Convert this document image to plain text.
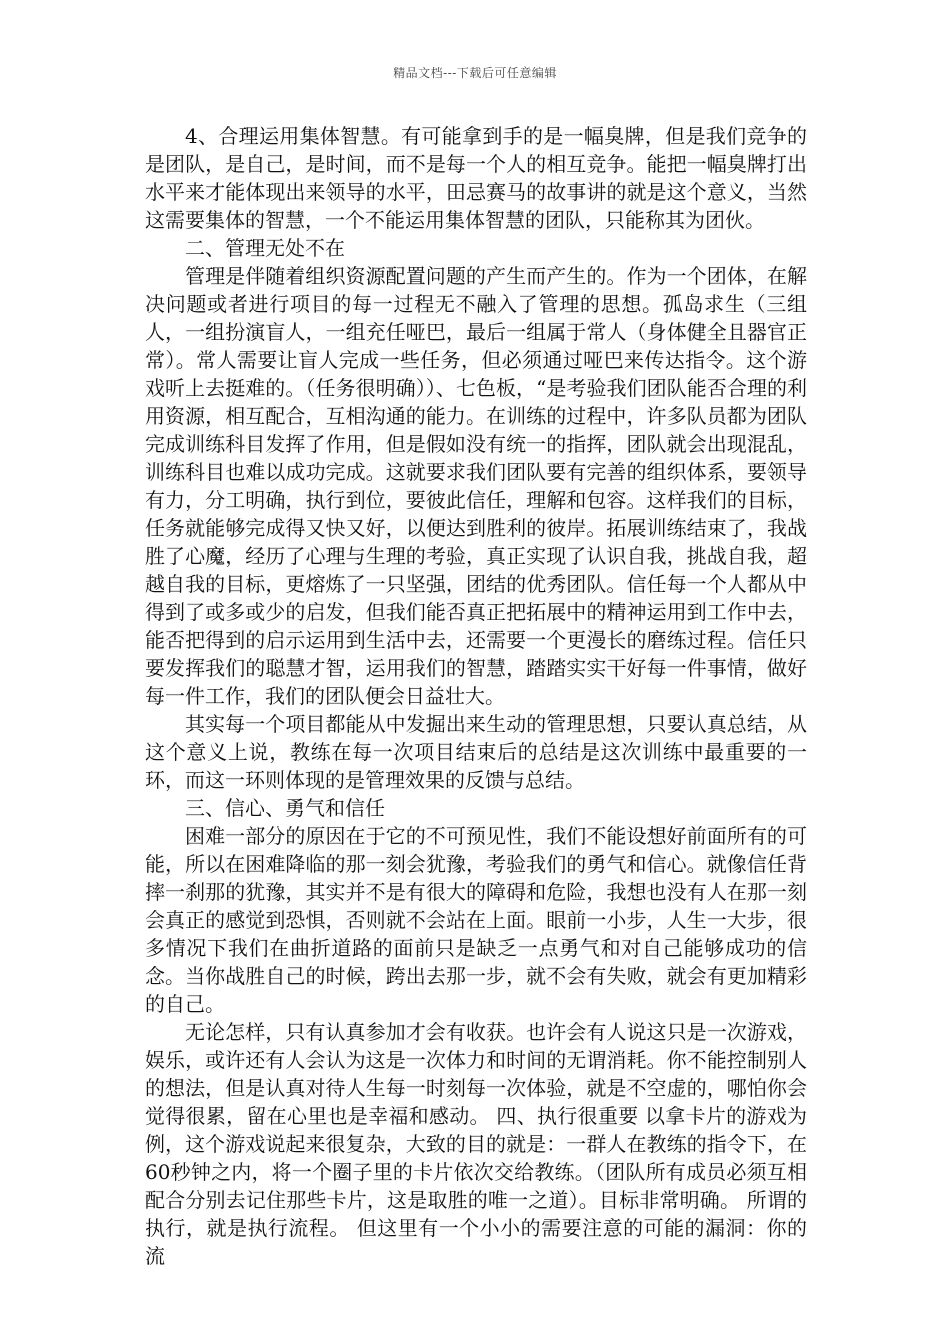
精品文档---下载后可任意编辑

4、合理运用集体智慧。有可能拿到手的是一幅臭牌，但是我们竞争的是团队，是自己，是时间，而不是每一个人的相互竞争。能把一幅臭牌打出水平来才能体现出来领导的水平，田忌赛马的故事讲的就是这个意义，当然这需要集体的智慧，一个不能运用集体智慧的团队，只能称其为团伙。

二、管理无处不在

管理是伴随着组织资源配置问题的产生而产生的。作为一个团体，在解决问题或者进行项目的每一过程无不融入了管理的思想。孤岛求生（三组人，一组扮演盲人，一组充任哑巴，最后一组属于常人（身体健全且器官正常）。常人需要让盲人完成一些任务，但必须通过哑巴来传达指令。这个游戏听上去挺难的。（任务很明确））、七色板，“是考验我们团队能否合理的利用资源，相互配合，互相沟通的能力。在训练的过程中，许多队员都为团队完成训练科目发挥了作用，但是假如没有统一的指挥，团队就会出现混乱，训练科目也难以成功完成。这就要求我们团队要有完善的组织体系，要领导有力，分工明确，执行到位，要彼此信任，理解和包容。这样我们的目标，任务就能够完成得又快又好，以便达到胜利的彼岸。拓展训练结束了，我战胜了心魔，经历了心理与生理的考验，真正实现了认识自我，挑战自我，超越自我的目标，更熔炼了一只坚强，团结的优秀团队。信任每一个人都从中得到了或多或少的启发，但我们能否真正把拓展中的精神运用到工作中去，能否把得到的启示运用到生活中去，还需要一个更漫长的磨练过程。信任只要发挥我们的聪慧才智，运用我们的智慧，踏踏实实干好每一件事情，做好每一件工作，我们的团队便会日益壮大。

其实每一个项目都能从中发掘出来生动的管理思想，只要认真总结，从这个意义上说，教练在每一次项目结束后的总结是这次训练中最重要的一环，而这一环则体现的是管理效果的反馈与总结。

三、信心、勇气和信任

困难一部分的原因在于它的不可预见性，我们不能设想好前面所有的可能，所以在困难降临的那一刻会犹豫，考验我们的勇气和信心。就像信任背摔一刹那的犹豫，其实并不是有很大的障碍和危险，我想也没有人在那一刻会真正的感觉到恐惧，否则就不会站在上面。眼前一小步，人生一大步，很多情况下我们在曲折道路的面前只是缺乏一点勇气和对自己能够成功的信念。当你战胜自己的时候，跨出去那一步，就不会有失败，就会有更加精彩的自己。

无论怎样，只有认真参加才会有收获。也许会有人说这只是一次游戏，娱乐，或许还有人会认为这是一次体力和时间的无谓消耗。你不能控制别人的想法，但是认真对待人生每一时刻每一次体验，就是不空虚的，哪怕你会觉得很累，留在心里也是幸福和感动。 四、执行很重要 以拿卡片的游戏为例，这个游戏说起来很复杂，大致的目的就是：一群人在教练的指令下，在60秒钟之内，将一个圈子里的卡片依次交给教练。（团队所有成员必须互相配合分别去记住那些卡片，这是取胜的唯一之道）。目标非常明确。 所谓的执行，就是执行流程。 但这里有一个小小的需要注意的可能的漏洞：你的流
